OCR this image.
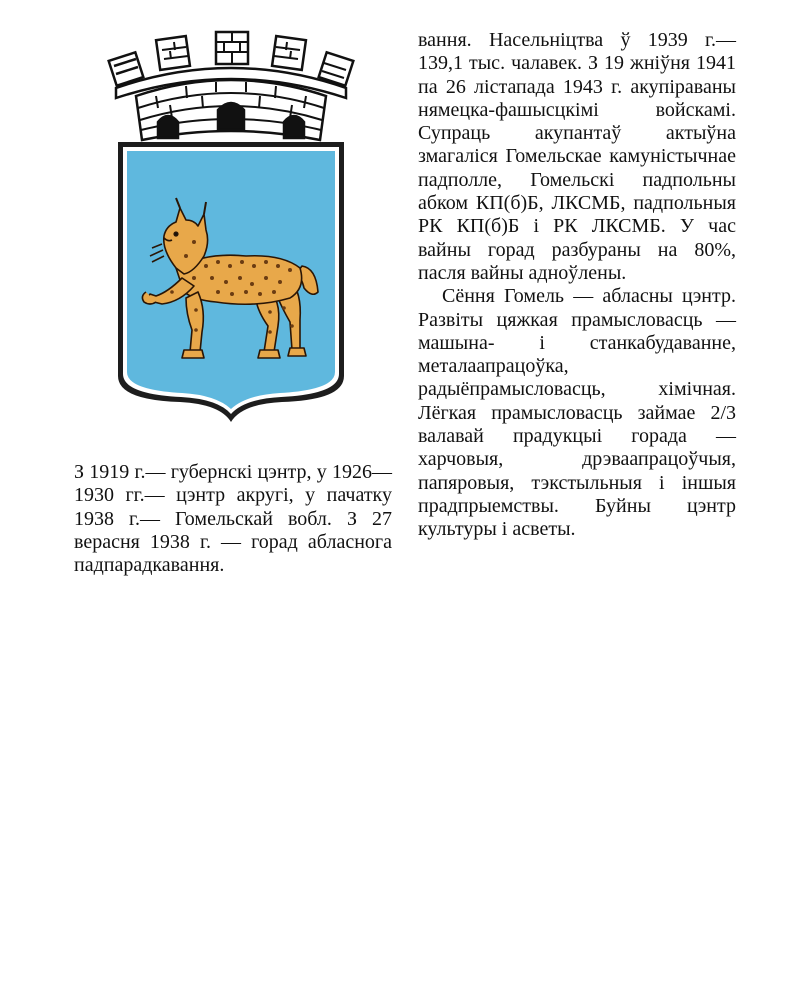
З 1919 г.— губернскі цэнтр, у 1926—1930 гг.— цэнтр акругі, у пачатку 1938 г.— Гомельскай вобл. З 27 верасня 1938 г. — горад абласнога падпарадкавання.

вання. Насельніцтва ў 1939 г.— 139,1 тыс. чалавек. З 19 жніўня 1941 па 26 лістапада 1943 г. акупіраваны нямецка-фашысцкімі войскамі. Супраць акупантаў актыўна змагаліся Гомельскае камуністычнае падполле, Гомельскі падпольны абком КП(б)Б, ЛКСМБ, падпольныя РК КП(б)Б і РК ЛКСМБ. У час вайны горад разбураны на 80%, пасля вайны адноўлены.

Сёння Гомель — абласны цэнтр. Развіты цяжкая прамысловасць — машына- і станкабудаванне, металаапрацоўка, радыёпрамысловасць, хімічная. Лёгкая прамысловасць займае 2/3 валавай прадукцыі горада — харчовыя, дрэваапрацоўчыя, папяровыя, тэкстыльныя і іншыя прадпрыемствы. Буйны цэнтр культуры і асветы.
